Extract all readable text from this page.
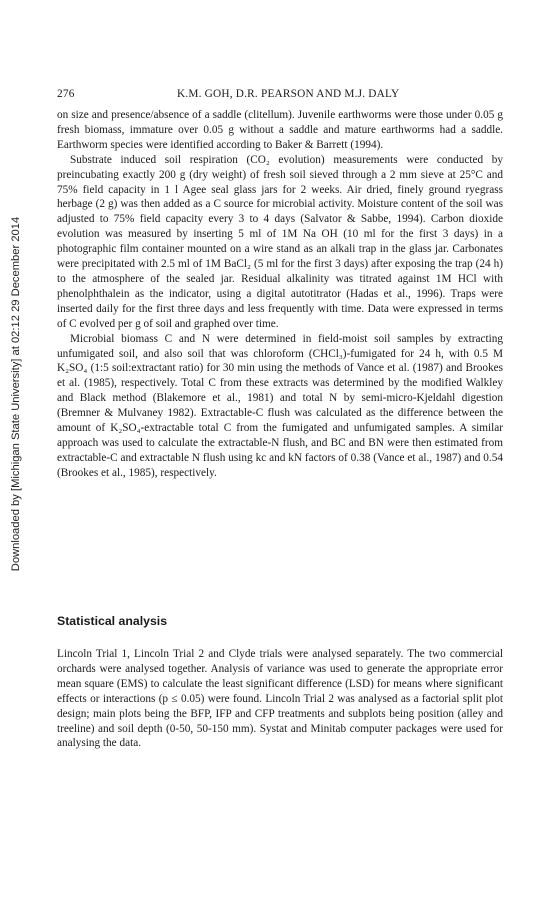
Downloaded by [Michigan State University] at 02:12 29 December 2014
276	K.M. GOH, D.R. PEARSON AND M.J. DALY

on size and presence/absence of a saddle (clitellum). Juvenile earthworms were those under 0.05 g fresh biomass, immature over 0.05 g without a saddle and mature earthworms had a saddle. Earthworm species were identified according to Baker & Barrett (1994).

Substrate induced soil respiration (CO₂ evolution) measurements were conducted by preincubating exactly 200 g (dry weight) of fresh soil sieved through a 2 mm sieve at 25°C and 75% field capacity in 1 l Agee seal glass jars for 2 weeks. Air dried, finely ground ryegrass herbage (2 g) was then added as a C source for microbial activity. Moisture content of the soil was adjusted to 75% field capacity every 3 to 4 days (Salvator & Sabbe, 1994). Carbon dioxide evolution was measured by inserting 5 ml of 1M Na OH (10 ml for the first 3 days) in a photographic film container mounted on a wire stand as an alkali trap in the glass jar. Carbonates were precipitated with 2.5 ml of 1M BaCl₂ (5 ml for the first 3 days) after exposing the trap (24 h) to the atmosphere of the sealed jar. Residual alkalinity was titrated against 1M HCl with phenolphthalein as the indicator, using a digital autotitrator (Hadas et al., 1996). Traps were inserted daily for the first three days and less frequently with time. Data were expressed in terms of C evolved per g of soil and graphed over time.

Microbial biomass C and N were determined in field-moist soil samples by extracting unfumigated soil, and also soil that was chloroform (CHCl₃)-fumigated for 24 h, with 0.5 M K₂SO₄ (1:5 soil:extractant ratio) for 30 min using the methods of Vance et al. (1987) and Brookes et al. (1985), respectively. Total C from these extracts was determined by the modified Walkley and Black method (Blakemore et al., 1981) and total N by semi-micro-Kjeldahl digestion (Bremner & Mulvaney 1982). Extractable-C flush was calculated as the difference between the amount of K₂SO₄-extractable total C from the fumigated and unfumigated samples. A similar approach was used to calculate the extractable-N flush, and BC and BN were then estimated from extractable-C and extractable N flush using kc and kN factors of 0.38 (Vance et al., 1987) and 0.54 (Brookes et al., 1985), respectively.

Statistical analysis

Lincoln Trial 1, Lincoln Trial 2 and Clyde trials were analysed separately. The two commercial orchards were analysed together. Analysis of variance was used to generate the appropriate error mean square (EMS) to calculate the least significant difference (LSD) for means where significant effects or interactions (p ≤ 0.05) were found. Lincoln Trial 2 was analysed as a factorial split plot design; main plots being the BFP, IFP and CFP treatments and subplots being position (alley and treeline) and soil depth (0-50, 50-150 mm). Systat and Minitab computer packages were used for analysing the data.
